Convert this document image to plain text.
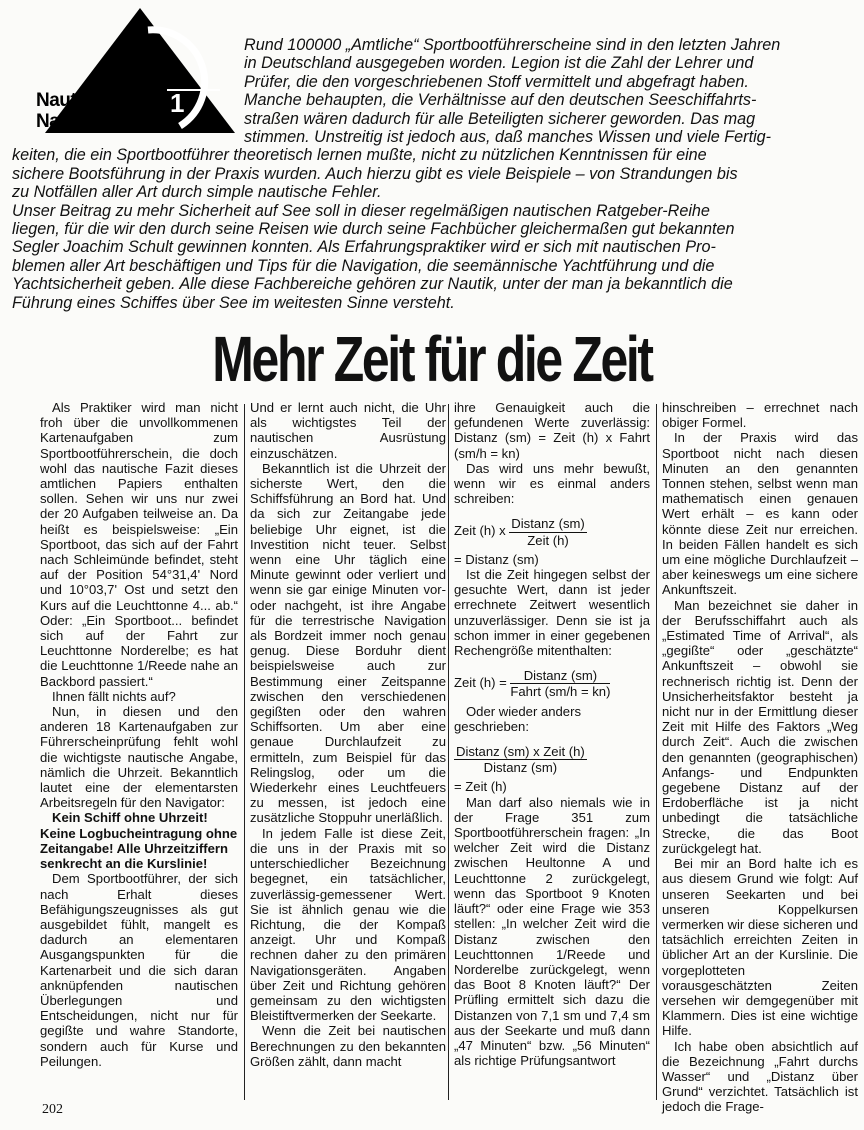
Nautik zum
Nachdenken
1
Rund 100000 „Amtliche“ Sportbootführerscheine sind in den letzten Jahren
in Deutschland ausgegeben worden. Legion ist die Zahl der Lehrer und
Prüfer, die den vorgeschriebenen Stoff vermittelt und abgefragt haben.
Manche behaupten, die Verhältnisse auf den deutschen Seeschiffahrts-
straßen wären dadurch für alle Beteiligten sicherer geworden. Das mag
stimmen. Unstreitig ist jedoch aus, daß manches Wissen und viele Fertig-
keiten, die ein Sportbootführer theoretisch lernen mußte, nicht zu nützlichen Kenntnissen für eine
sichere Bootsführung in der Praxis wurden. Auch hierzu gibt es viele Beispiele – von Strandungen bis
zu Notfällen aller Art durch simple nautische Fehler.
Unser Beitrag zu mehr Sicherheit auf See soll in dieser regelmäßigen nautischen Ratgeber-Reihe
liegen, für die wir den durch seine Reisen wie durch seine Fachbücher gleichermaßen gut bekannten
Segler Joachim Schult gewinnen konnten. Als Erfahrungspraktiker wird er sich mit nautischen Pro-
blemen aller Art beschäftigen und Tips für die Navigation, die seemännische Yachtführung und die
Yachtsicherheit geben. Alle diese Fachbereiche gehören zur Nautik, unter der man ja bekanntlich die
Führung eines Schiffes über See im weitesten Sinne versteht.
Mehr Zeit für die Zeit

Als Praktiker wird man nicht froh über die unvollkommenen Kartenaufgaben zum Sportbootführerschein, die doch wohl das nautische Fazit dieses amtlichen Papiers enthalten sollen. Sehen wir uns nur zwei der 20 Aufgaben teilweise an. Da heißt es beispielsweise: „Ein Sportboot, das sich auf der Fahrt nach Schleimünde befindet, steht auf der Position 54°31,4' Nord und 10°03,7' Ost und setzt den Kurs auf die Leuchttonne 4... ab.“ Oder: „Ein Sportboot... befindet sich auf der Fahrt zur Leuchttonne Norderelbe; es hat die Leuchttonne 1/Reede nahe an Backbord passiert.“

Ihnen fällt nichts auf?

Nun, in diesen und den anderen 18 Kartenaufgaben zur Führerscheinprüfung fehlt wohl die wichtigste nautische Angabe, nämlich die Uhrzeit. Bekanntlich lautet eine der elementarsten Arbeitsregeln für den Navigator:

Kein Schiff ohne Uhrzeit! Keine Logbucheintragung ohne Zeitangabe! Alle Uhrzeitziffern senkrecht an die Kurslinie!

Dem Sportbootführer, der sich nach Erhalt dieses Befähigungszeugnisses als gut ausgebildet fühlt, mangelt es dadurch an elementaren Ausgangspunkten für die Kartenarbeit und die sich daran anknüpfenden nautischen Überlegungen und Entscheidungen, nicht nur für gegißte und wahre Standorte, sondern auch für Kurse und Peilungen.

Und er lernt auch nicht, die Uhr als wichtigstes Teil der nautischen Ausrüstung einzuschätzen.

Bekanntlich ist die Uhrzeit der sicherste Wert, den die Schiffsführung an Bord hat. Und da sich zur Zeitangabe jede beliebige Uhr eignet, ist die Investition nicht teuer. Selbst wenn eine Uhr täglich eine Minute gewinnt oder verliert und wenn sie gar einige Minuten vor- oder nachgeht, ist ihre Angabe für die terrestrische Navigation als Bordzeit immer noch genau genug. Diese Borduhr dient beispielsweise auch zur Bestimmung einer Zeitspanne zwischen den verschiedenen gegißten oder den wahren Schiffsorten. Um aber eine genaue Durchlaufzeit zu ermitteln, zum Beispiel für das Relingslog, oder um die Wiederkehr eines Leuchtfeuers zu messen, ist jedoch eine zusätzliche Stoppuhr unerläßlich.

In jedem Falle ist diese Zeit, die uns in der Praxis mit so unterschiedlicher Bezeichnung begegnet, ein tatsächlicher, zuverlässig-gemessener Wert. Sie ist ähnlich genau wie die Richtung, die der Kompaß anzeigt. Uhr und Kompaß rechnen daher zu den primären Navigationsgeräten. Angaben über Zeit und Richtung gehören gemeinsam zu den wichtigsten Bleistiftvermerken der Seekarte.

Wenn die Zeit bei nautischen Berechnungen zu den bekannten Größen zählt, dann macht

ihre Genauigkeit auch die gefundenen Werte zuverlässig: Distanz (sm) = Zeit (h) x Fahrt (sm/h = kn)

Das wird uns mehr bewußt, wenn wir es einmal anders schreiben:

Zeit (h) x Distanz (sm)
Zeit (h)

= Distanz (sm)

Ist die Zeit hingegen selbst der gesuchte Wert, dann ist jeder errechnete Zeitwert wesentlich unzuverlässiger. Denn sie ist ja schon immer in einer gegebenen Rechengröße mitenthalten:

Zeit (h) =	Distanz (sm)
Fahrt (sm/h = kn)

Oder wieder anders geschrieben:

Distanz (sm) x Zeit (h)
Distanz (sm)

= Zeit (h)

Man darf also niemals wie in der Frage 351 zum Sportbootführerschein fragen: „In welcher Zeit wird die Distanz zwischen Heultonne A und Leuchttonne 2 zurückgelegt, wenn das Sportboot 9 Knoten läuft?“ oder eine Frage wie 353 stellen: „In welcher Zeit wird die Distanz zwischen den Leuchttonnen 1/Reede und Norderelbe zurückgelegt, wenn das Boot 8 Knoten läuft?“ Der Prüfling ermittelt sich dazu die Distanzen von 7,1 sm und 7,4 sm aus der Seekarte und muß dann „47 Minuten“ bzw. „56 Minuten“ als richtige Prüfungsantwort

hinschreiben – errechnet nach obiger Formel.

In der Praxis wird das Sportboot nicht nach diesen Minuten an den genannten Tonnen stehen, selbst wenn man mathematisch einen genauen Wert erhält – es kann oder könnte diese Zeit nur erreichen. In beiden Fällen handelt es sich um eine mögliche Durchlaufzeit – aber keineswegs um eine sichere Ankunftszeit.

Man bezeichnet sie daher in der Berufsschiffahrt auch als „Estimated Time of Arrival“, als „gegißte“ oder „geschätzte“ Ankunftszeit – obwohl sie rechnerisch richtig ist. Denn der Unsicherheitsfaktor besteht ja nicht nur in der Ermittlung dieser Zeit mit Hilfe des Faktors „Weg durch Zeit“. Auch die zwischen den genannten (geographischen) Anfangs- und Endpunkten gegebene Distanz auf der Erdoberfläche ist ja nicht unbedingt die tatsächliche Strecke, die das Boot zurückgelegt hat.

Bei mir an Bord halte ich es aus diesem Grund wie folgt: Auf unseren Seekarten und bei unseren Koppelkursen vermerken wir diese sicheren und tatsächlich erreichten Zeiten in üblicher Art an der Kurslinie. Die vorgeplotteten vorausgeschätzten Zeiten versehen wir demgegenüber mit Klammern. Dies ist eine wichtige Hilfe.

Ich habe oben absichtlich auf die Bezeichnung „Fahrt durchs Wasser“ und „Distanz über Grund“ verzichtet. Tatsächlich ist jedoch die Frage-

202
